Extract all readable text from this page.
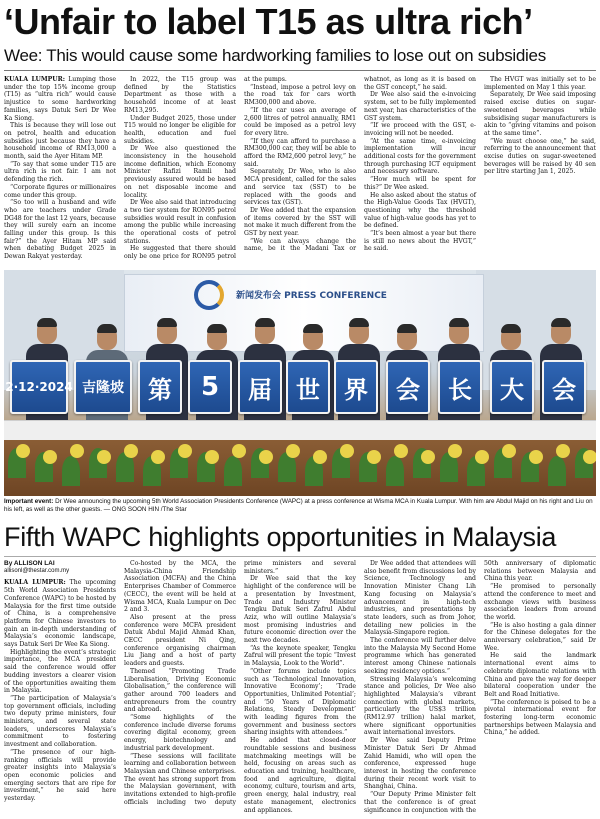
‘Unfair to label T15 as ultra rich’
Wee: This would cause some hardworking families to lose out on subsidies

KUALA LUMPUR: Lumping those under the top 15% income group (T15) as “ultra rich” would cause injustice to some hardworking families, says Datuk Seri Dr Wee Ka Siong.

This is because they will lose out on petrol, health and education subsidies just because they have a household income of RM13,000 a month, said the Ayer Hitam MP.

“To say that some under T15 are ultra rich is not fair. I am not defending the rich.

“Corporate figures or millionaires come under this group.

“So too will a husband and wife who are teachers under Grade DG48 for the last 12 years, because they will surely earn an income falling under this group. Is this fair?” the Ayer Hitam MP said when debating Budget 2025 in Dewan Rakyat yesterday.

In 2022, the T15 group was defined by the Statistics Department as those with a household income of at least RM13,295.

Under Budget 2025, those under T15 would no longer be eligible for health, education and fuel subsidies.

Dr Wee also questioned the inconsistency in the household income definition, which Economy Minister Rafizi Ramli had previously assured would be based on net disposable income and locality.

Dr Wee also said that introducing a two tier system for RON95 petrol subsidies would result in confusion among the public while increasing the operational costs of petrol stations.

He suggested that there should only be one price for RON95 petrol at the pumps.

“Instead, impose a petrol levy on the road tax for cars worth RM300,000 and above.

“If the car uses an average of 2,600 litres of petrol annually, RM1 could be imposed as a petrol levy for every litre.

“If they can afford to purchase a RM300,000 car, they will be able to afford the RM2,600 petrol levy,” he said.

Separately, Dr Wee, who is also MCA president, called for the sales and service tax (SST) to be replaced with the goods and services tax (GST).

Dr Wee added that the expansion of items covered by the SST will not make it much different from the GST by next year.

“We can always change the name, be it the Madani Tax or whatnot, as long as it is based on the GST concept,” he said.

Dr Wee also said the e-invoicing system, set to be fully implemented next year, has characteristics of the GST system.

“If we proceed with the GST, e-invoicing will not be needed.

“At the same time, e-invoicing implementation will incur additional costs for the government through purchasing ICT equipment and necessary software.

“How much will be spent for this?” Dr Wee asked.

He also asked about the status of the High-Value Goods Tax (HVGT), questioning why the threshold value of high-value goods has yet to be defined.

“It’s been almost a year but there is still no news about the HVGT,” he said.

The HVGT was initially set to be implemented on May 1 this year.

Separately, Dr Wee said imposing raised excise duties on sugar-sweetened beverages while subsidising sugar manufacturers is akin to “giving vitamins and poison at the same time”.

“We must choose one,” he said, referring to the announcement that excise duties on sugar-sweetened beverages will be raised by 40 sen per litre starting Jan 1, 2025.

新闻发布会 PRESS CONFERENCE
2·12·2024 吉隆坡	第	5	届	世	界	会	长	大	会
Important event: Dr Wee announcing the upcoming 5th World Association Presidents Conference (WAPC) at a press conference at Wisma MCA in Kuala Lumpur. With him are Abdul Majid on his right and Liu on his left, as well as the other guests. — ONG SOON HIN /The Star
Fifth WAPC highlights opportunities in Malaysia
By ALLISON LAI
allisonl@thestar.com.my

KUALA LUMPUR: The upcoming 5th World Association Presidents Conference (WAPC) to be hosted by Malaysia for the first time outside of China, is a comprehensive platform for Chinese investors to gain an in-depth understanding of Malaysia’s economic landscape, says Datuk Seri Dr Wee Ka Siong.

Highlighting the event’s strategic importance, the MCA president said the conference would offer budding investors a clearer vision of the opportunities awaiting them in Malaysia.

“The participation of Malaysia’s top government officials, including two deputy prime ministers, four ministers, and several state leaders, underscores Malaysia’s commitment to fostering investment and collaboration.

“The presence of our high-ranking officials will provide greater insights into Malaysia’s open economic policies and emerging sectors that are ripe for investment,” he said here yesterday.

Co-hosted by the MCA, the Malaysia-China Friendship Association (MCFA) and the China Enterprises Chamber of Commerce (CECC), the event will be held at Wisma MCA, Kuala Lumpur on Dec 2 and 3.

Also present at the press conference were MCFA president Datuk Abdul Majid Ahmad Khan, CECC president Ni Qing, conference organising chairman Liu Jiang and a host of party leaders and guests.

Themed “Promoting Trade Liberalisation, Driving Economic Globalisation,” the conference will gather around 700 leaders and entrepreneurs from the country and abroad.

“Some highlights of the conference include diverse forums covering digital economy, green energy, biotechnology and industrial park development.

“These sessions will facilitate learning and collaboration between Malaysian and Chinese enterprises. The event has strong support from the Malaysian government, with invitations extended to high-profile officials including two deputy prime ministers and several ministers.”

Dr Wee said that the key highlight of the conference will be a presentation by Investment, Trade and Industry Minister Tengku Datuk Seri Zafrul Abdul Aziz, who will outline Malaysia’s most promising industries and future economic direction over the next two decades.

“As the keynote speaker, Tengku Zafrul will present the topic “Invest in Malaysia, Look to the World”.

“Other forums include topics such as ‘Technological Innovation, Innovative Economy’; ‘Trade Opportunities, Unlimited Potential’; and ‘50 Years of Diplomatic Relations, Steady Development’ with leading figures from the government and business sectors sharing insights with attendees.”

He added that closed-door roundtable sessions and business matchmaking meetings will be held, focusing on areas such as education and training, healthcare, food and agriculture, digital economy, culture, tourism and arts, green energy, halal industry, real estate management, electronics and appliances.

Dr Wee added that attendees will also benefit from discussions led by Science, Technology and Innovation Minister Chang Lih Kang focusing on Malaysia’s advancement in high-tech industries, and presentations by state leaders, such as from Johor, detailing new policies in the Malaysia-Singapore region.

The conference will further delve into the Malaysia My Second Home programme which has generated interest among Chinese nationals seeking residency options.”

Stressing Malaysia’s welcoming stance and policies, Dr Wee also highlighted Malaysia’s vibrant connection with global markets, particularly the US$3 trillion (RM12.97 trillion) halal market, where significant opportunities await international investors.

Dr Wee said Deputy Prime Minister Datuk Seri Dr Ahmad Zahid Hamidi, who will open the conference, expressed huge interest in hosting the conference during their recent work visit to Shanghai, China.

“Our Deputy Prime Minister felt that the conference is of great significance in conjunction with the 50th anniversary of diplomatic relations between Malaysia and China this year.

“He promised to personally attend the conference to meet and exchange views with business association leaders from around the world.

“He is also hosting a gala dinner for the Chinese delegates for the anniversary celebration,” said Dr Wee.

He said the landmark international event aims to celebrate diplomatic relations with China and pave the way for deeper bilateral cooperation under the Belt and Road Initiative.

“The conference is poised to be a pivotal international event for fostering long-term economic partnerships between Malaysia and China,” he added.
